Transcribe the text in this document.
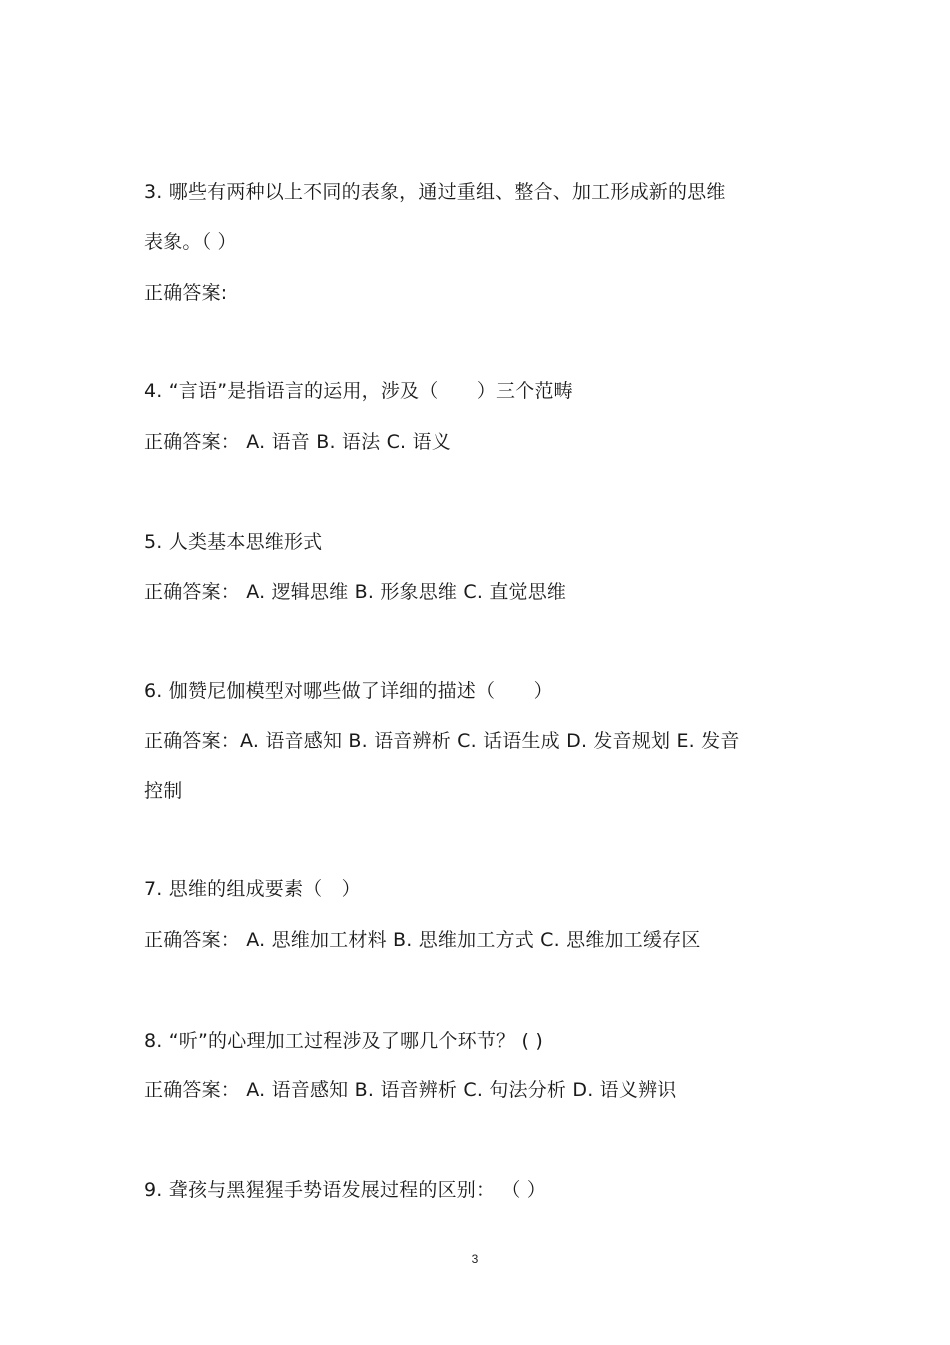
3. 哪些有两种以上不同的表象，通过重组、整合、加工形成新的思维
表象。（ ）
正确答案:
4. “言语”是指语言的运用，涉及（　　）三个范畴
正确答案： A. 语音 B. 语法 C. 语义
5. 人类基本思维形式
正确答案： A. 逻辑思维 B. 形象思维 C. 直觉思维
6. 伽赞尼伽模型对哪些做了详细的描述（　　）
正确答案：A. 语音感知 B. 语音辨析 C. 话语生成 D. 发音规划 E. 发音
控制
7. 思维的组成要素（　）
正确答案： A. 思维加工材料 B. 思维加工方式 C. 思维加工缓存区
8. “听”的心理加工过程涉及了哪几个环节？ ( )
正确答案： A. 语音感知 B. 语音辨析 C. 句法分析 D. 语义辨识
9. 聋孩与黑猩猩手势语发展过程的区别： （ ）
3
